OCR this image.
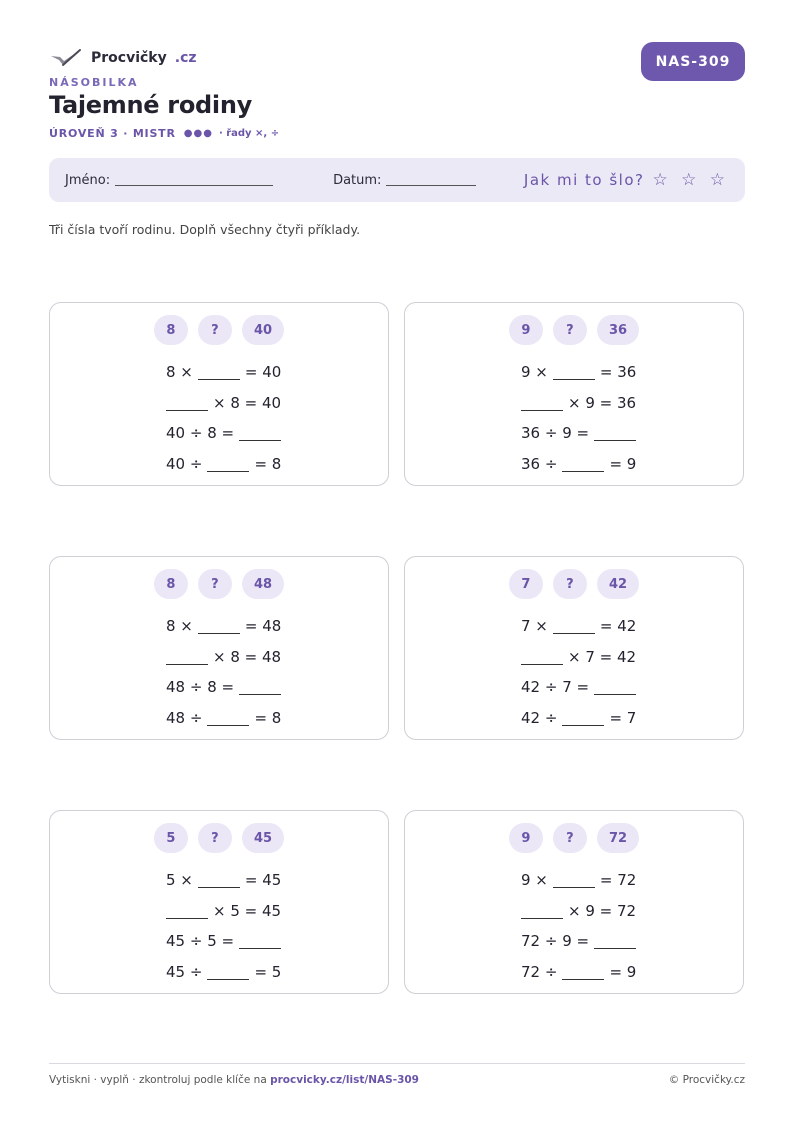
Procvičky .cz
NÁSOBILKA
Tajemné rodiny
ÚROVEŇ 3 · MISTR ●●● · řady ×, ÷
NAS-309
Jméno:	Datum:	Jak mi to šlo? ☆ ☆ ☆
Tři čísla tvoří rodinu. Doplň všechny čtyři příklady.
8	?	40
8 ×	= 40
× 8 = 40
40 ÷ 8 =
40 ÷	= 8
9	?	36
9 ×	= 36
× 9 = 36
36 ÷ 9 =
36 ÷	= 9
8	?	48
8 ×	= 48
× 8 = 48
48 ÷ 8 =
48 ÷	= 8
7	?	42
7 ×	= 42
× 7 = 42
42 ÷ 7 =
42 ÷	= 7
5	?	45
5 ×	= 45
× 5 = 45
45 ÷ 5 =
45 ÷	= 5
9	?	72
9 ×	= 72
× 9 = 72
72 ÷ 9 =
72 ÷	= 9
Vytiskni · vyplň · zkontroluj podle klíče na procvicky.cz/list/NAS-309	© Procvičky.cz
